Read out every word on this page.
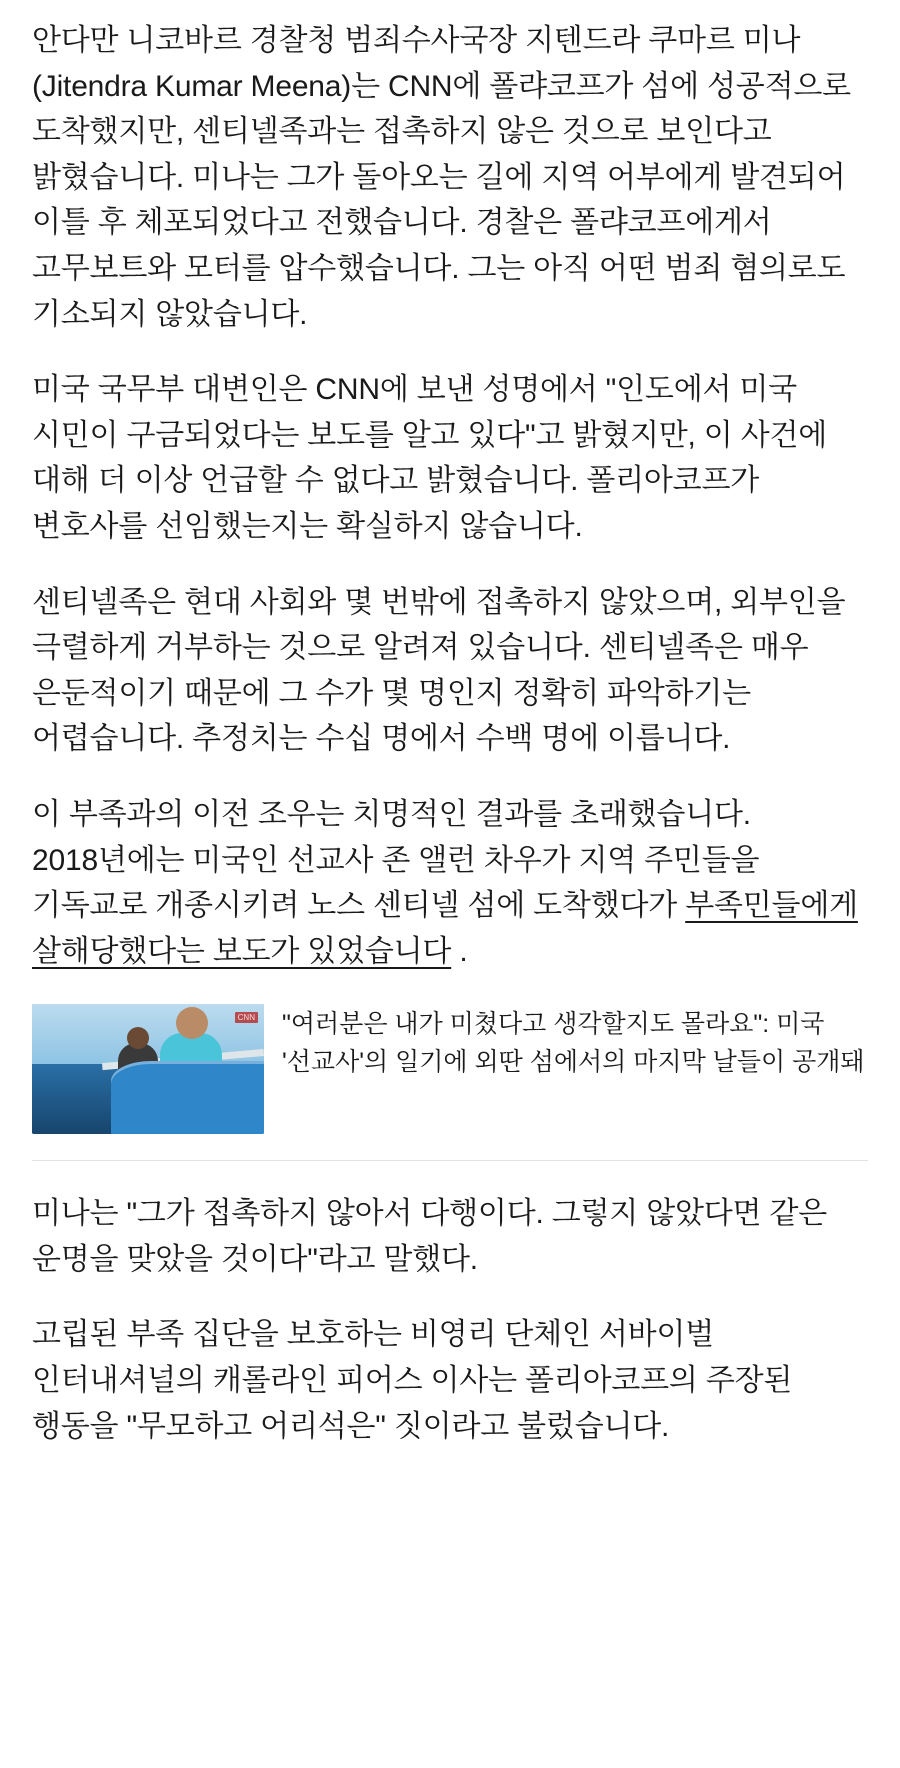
안다만 니코바르 경찰청 범죄수사국장 지텐드라 쿠마르 미나(Jitendra Kumar Meena)는 CNN에 폴랴코프가 섬에 성공적으로 도착했지만, 센티넬족과는 접촉하지 않은 것으로 보인다고 밝혔습니다. 미나는 그가 돌아오는 길에 지역 어부에게 발견되어 이틀 후 체포되었다고 전했습니다. 경찰은 폴랴코프에게서 고무보트와 모터를 압수했습니다. 그는 아직 어떤 범죄 혐의로도 기소되지 않았습니다.

미국 국무부 대변인은 CNN에 보낸 성명에서 "인도에서 미국 시민이 구금되었다는 보도를 알고 있다"고 밝혔지만, 이 사건에 대해 더 이상 언급할 수 없다고 밝혔습니다. 폴리아코프가 변호사를 선임했는지는 확실하지 않습니다.

센티넬족은 현대 사회와 몇 번밖에 접촉하지 않았으며, 외부인을 극렬하게 거부하는 것으로 알려져 있습니다. 센티넬족은 매우 은둔적이기 때문에 그 수가 몇 명인지 정확히 파악하기는 어렵습니다. 추정치는 수십 명에서 수백 명에 이릅니다.

이 부족과의 이전 조우는 치명적인 결과를 초래했습니다. 2018년에는 미국인 선교사 존 앨런 차우가 지역 주민들을 기독교로 개종시키려 노스 센티넬 섬에 도착했다가 부족민들에게 살해당했다는 보도가 있었습니다 .

CNN "여러분은 내가 미쳤다고 생각할지도 몰라요": 미국 '선교사'의 일기에 외딴 섬에서의 마지막 날들이 공개돼

미나는 "그가 접촉하지 않아서 다행이다. 그렇지 않았다면 같은 운명을 맞았을 것이다"라고 말했다.

고립된 부족 집단을 보호하는 비영리 단체인 서바이벌 인터내셔널의 캐롤라인 피어스 이사는 폴리아코프의 주장된 행동을 "무모하고 어리석은" 짓이라고 불렀습니다.
